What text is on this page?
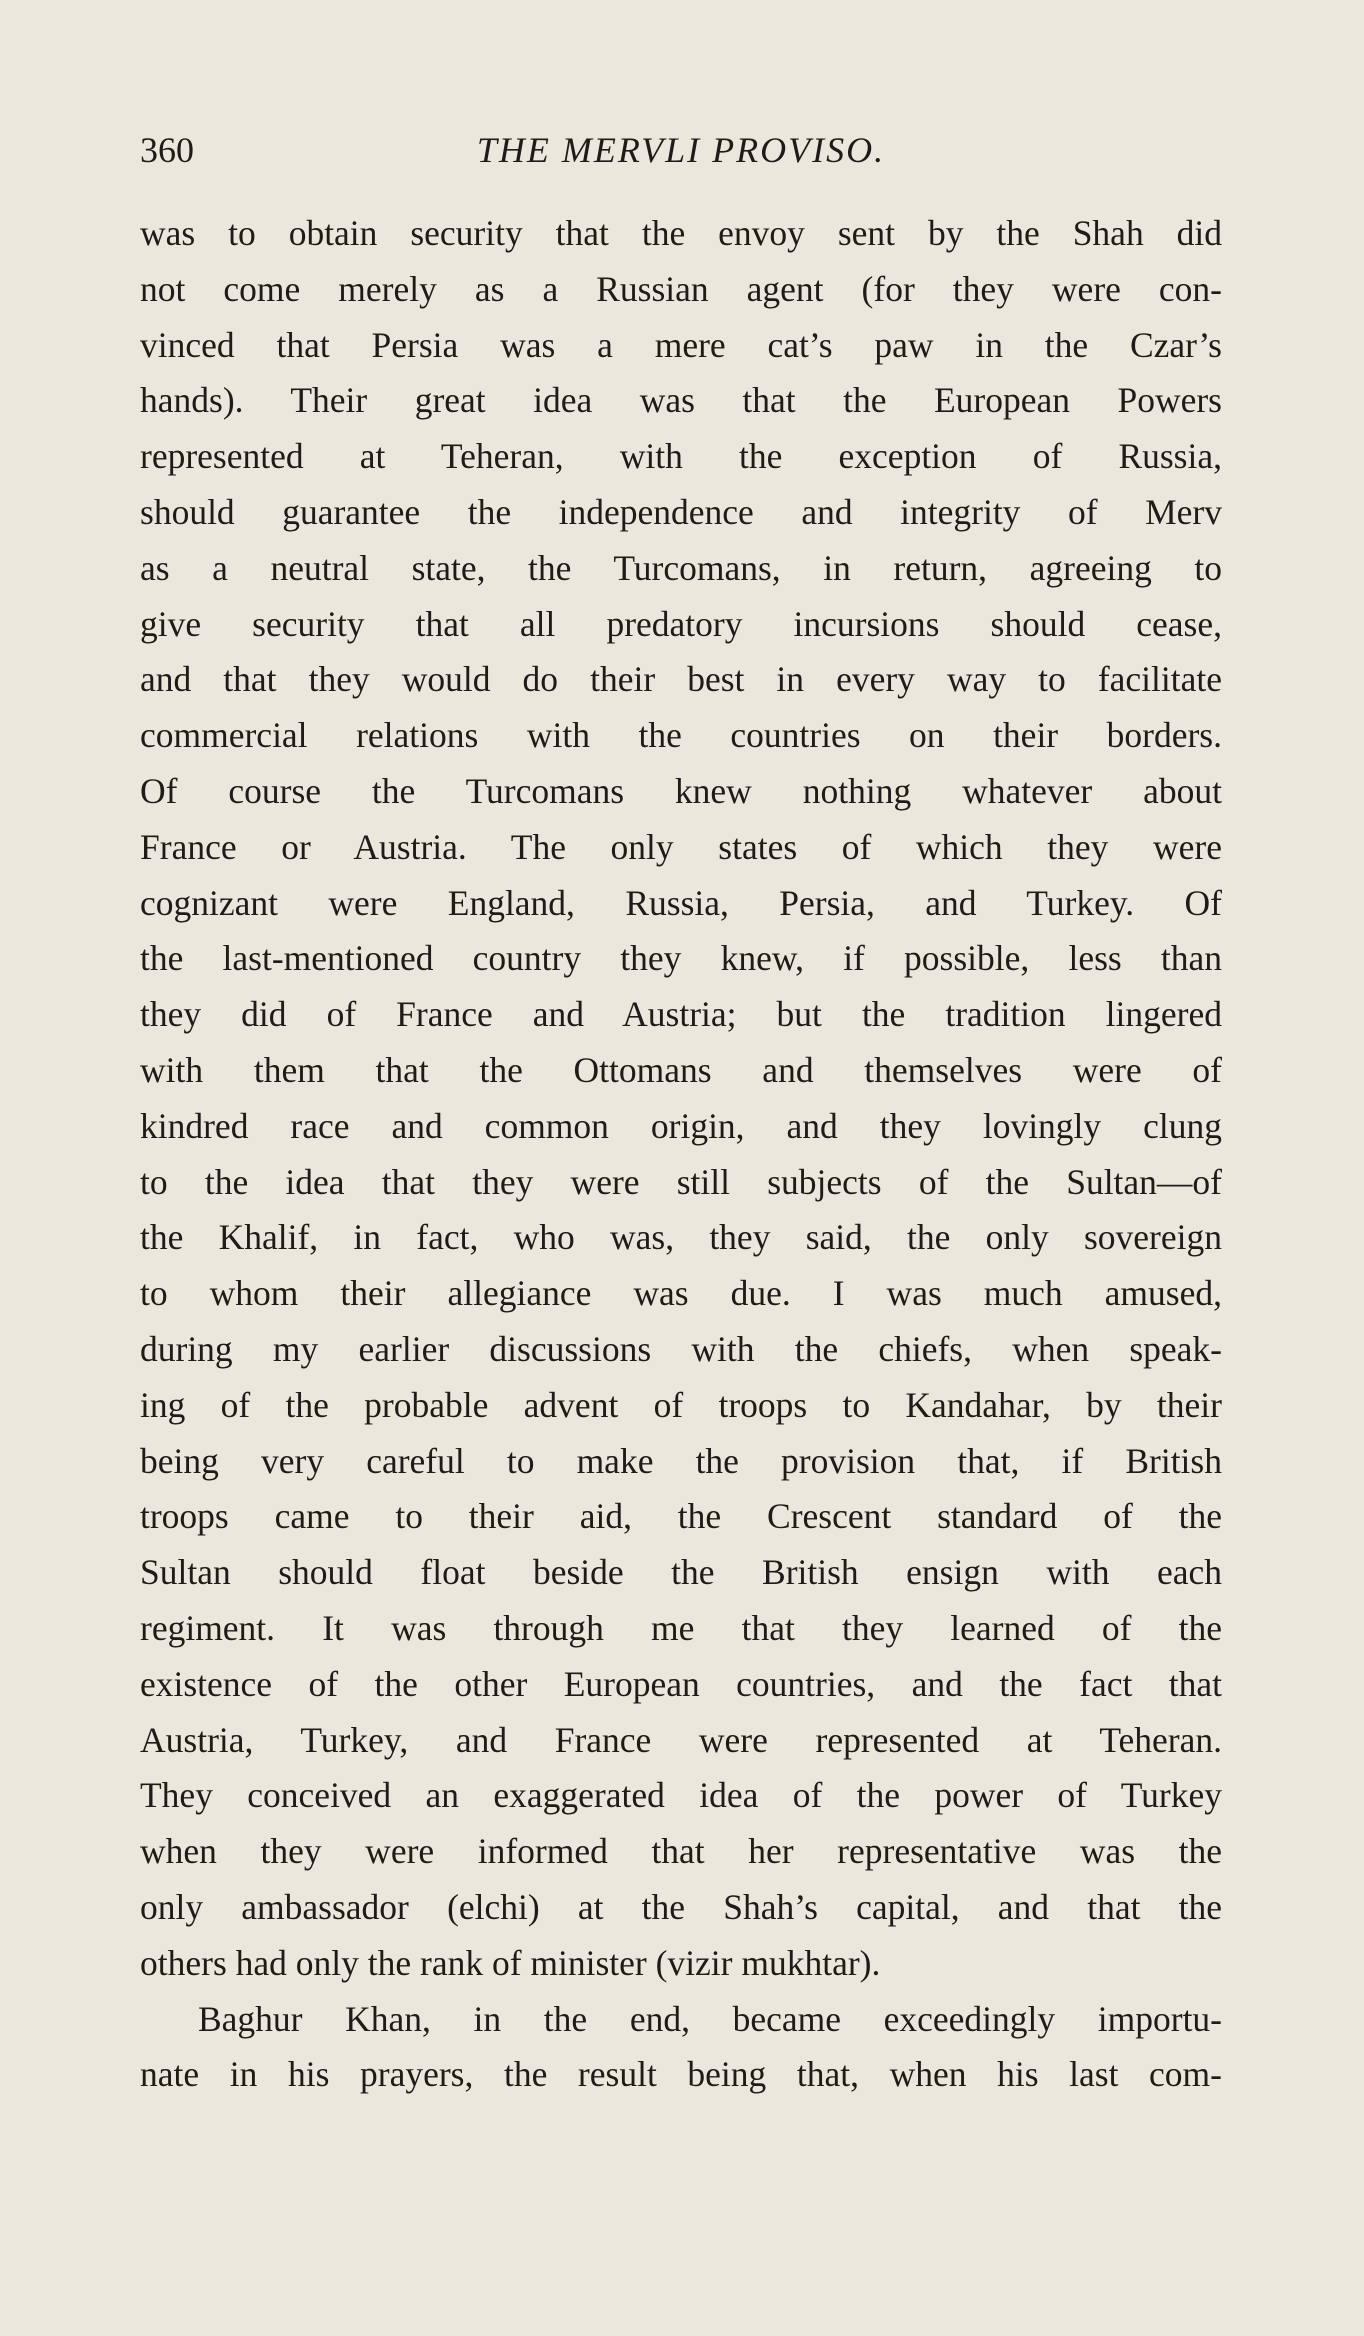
360	THE MERVLI PROVISO.
was to obtain security that the envoy sent by the Shah did
not come merely as a Russian agent (for they were con-
vinced that Persia was a mere cat’s paw in the Czar’s
hands). Their great idea was that the European Powers
represented at Teheran, with the exception of Russia,
should guarantee the independence and integrity of Merv
as a neutral state, the Turcomans, in return, agreeing to
give security that all predatory incursions should cease,
and that they would do their best in every way to facilitate
commercial relations with the countries on their borders.
Of course the Turcomans knew nothing whatever about
France or Austria. The only states of which they were
cognizant were England, Russia, Persia, and Turkey. Of
the last-mentioned country they knew, if possible, less than
they did of France and Austria; but the tradition lingered
with them that the Ottomans and themselves were of
kindred race and common origin, and they lovingly clung
to the idea that they were still subjects of the Sultan—of
the Khalif, in fact, who was, they said, the only sovereign
to whom their allegiance was due. I was much amused,
during my earlier discussions with the chiefs, when speak-
ing of the probable advent of troops to Kandahar, by their
being very careful to make the provision that, if British
troops came to their aid, the Crescent standard of the
Sultan should float beside the British ensign with each
regiment. It was through me that they learned of the
existence of the other European countries, and the fact that
Austria, Turkey, and France were represented at Teheran.
They conceived an exaggerated idea of the power of Turkey
when they were informed that her representative was the
only ambassador (elchi) at the Shah’s capital, and that the
others had only the rank of minister (vizir mukhtar).
Baghur Khan, in the end, became exceedingly importu-
nate in his prayers, the result being that, when his last com-
